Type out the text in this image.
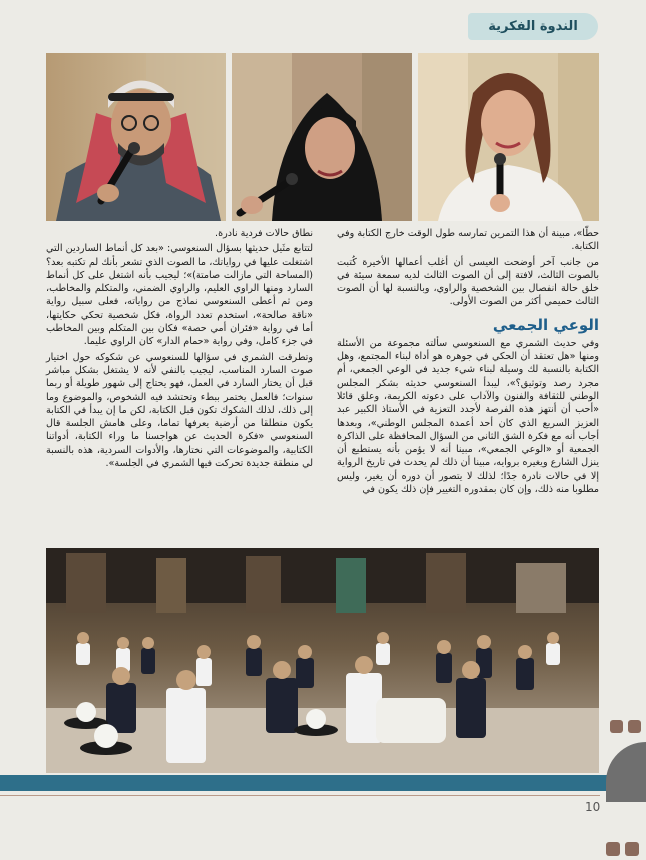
الندوة الفكرية

حطّا»، مبينة أن هذا التمرين تمارسه طول الوقت خارج الكتابة وفي الكتابة.

من جانب آخر أوضحت العيسى أن أغلب أعمالها الأخيرة كُتبت بالصوت الثالث، لافتة إلى أن الصوت الثالث لديه سمعة سيئة في خلق حالة انفصال بين الشخصية والراوي، وبالنسبة لها أن الصوت الثالث حميمي أكثر من الصوت الأولى.

الوعي الجمعي

وفي حديث الشمري مع السنعوسي سألته مجموعة من الأسئلة ومنها «هل تعتقد أن الحكي في جوهره هو أداة لبناء المجتمع، وهل الكتابة بالنسبة لك وسيلة لبناء شيء جديد في الوعي الجمعي، أم مجرد رصد وتوثيق؟»، ليبدأ السنعوسي حديثه بشكر المجلس الوطني للثقافة والفنون والآداب على دعوته الكريمة، وعلق قائلا «أحب أن أنتهز هذه الفرصة لأجدد التعزية في الأستاذ الكبير عبد العزيز السريع الذي كان أحد أعمدة المجلس الوطني»، وبعدها أجاب أنه مع فكرة الشق الثاني من السؤال المحافظة على الذاكرة الجمعية أو «الوعي الجمعي»، مبينا أنه لا يؤمن بأنه يستطيع أن ينزل الشارع ويغيره بروايه، مبينا أن ذلك لم يحدث في تاريخ الرواية إلا في حالات نادرة جدًا؛ لذلك لا يتصور أن دوره أن يغير، وليس مطلوبا منه ذلك، وإن كان بمقدوره التغيير فإن ذلك يكون في

نطاق حالات فردية نادرة.

لتتابع مثَيل حديثها بسؤال السنعوسي: «بعد كل أنماط الساردين التي اشتغلت عليها في رواياتك، ما الصوت الذي تشعر بأنك لم تكتبه بعد؟ (المساحة التي مازالت صامتة)»؛ ليجيب بأنه اشتغل على كل أنماط السارد ومنها الراوي العليم، والراوي الضمني، والمتكلم والمخاطب، ومن ثم أعطى السنعوسي نماذج من رواياته، فعلى سبيل رواية «ناقة صالحة»، استخدم تعدد الرواة، فكل شخصية تحكي حكايتها، أما في رواية «فئران أمي حصة» فكان بين المتكلم وبين المخاطب في جزء كامل، وفي رواية «حمام الدار» كان الراوي عليما.

وتطرقت الشمري في سؤالها للسنعوسي عن شكوكه حول اختيار صوت السارد المناسب، ليجيب بالنفي لأنه لا يشتغل بشكل مباشر قبل أن يختار السارد في العمل، فهو يحتاج إلى شهور طويلة أو ربما سنوات؛ فالعمل يختمر ببطء وتحتشد فيه الشخوص، والموضوع وما إلى ذلك، لذلك الشكوك تكون قبل الكتابة، لكن ما إن يبدأ في الكتابة يكون منطلقا من أرضية يعرفها تماما، وعلى هامش الجلسة قال السنعوسي «فكرة الحديث عن هواجسنا ما وراء الكتابة، أدواتنا الكتابية، والموضوعات التي نختارها، والأدوات السردية، هذه بالنسبة لي منطقة جديدة تحركت فيها الشمري في الجلسة».

10
